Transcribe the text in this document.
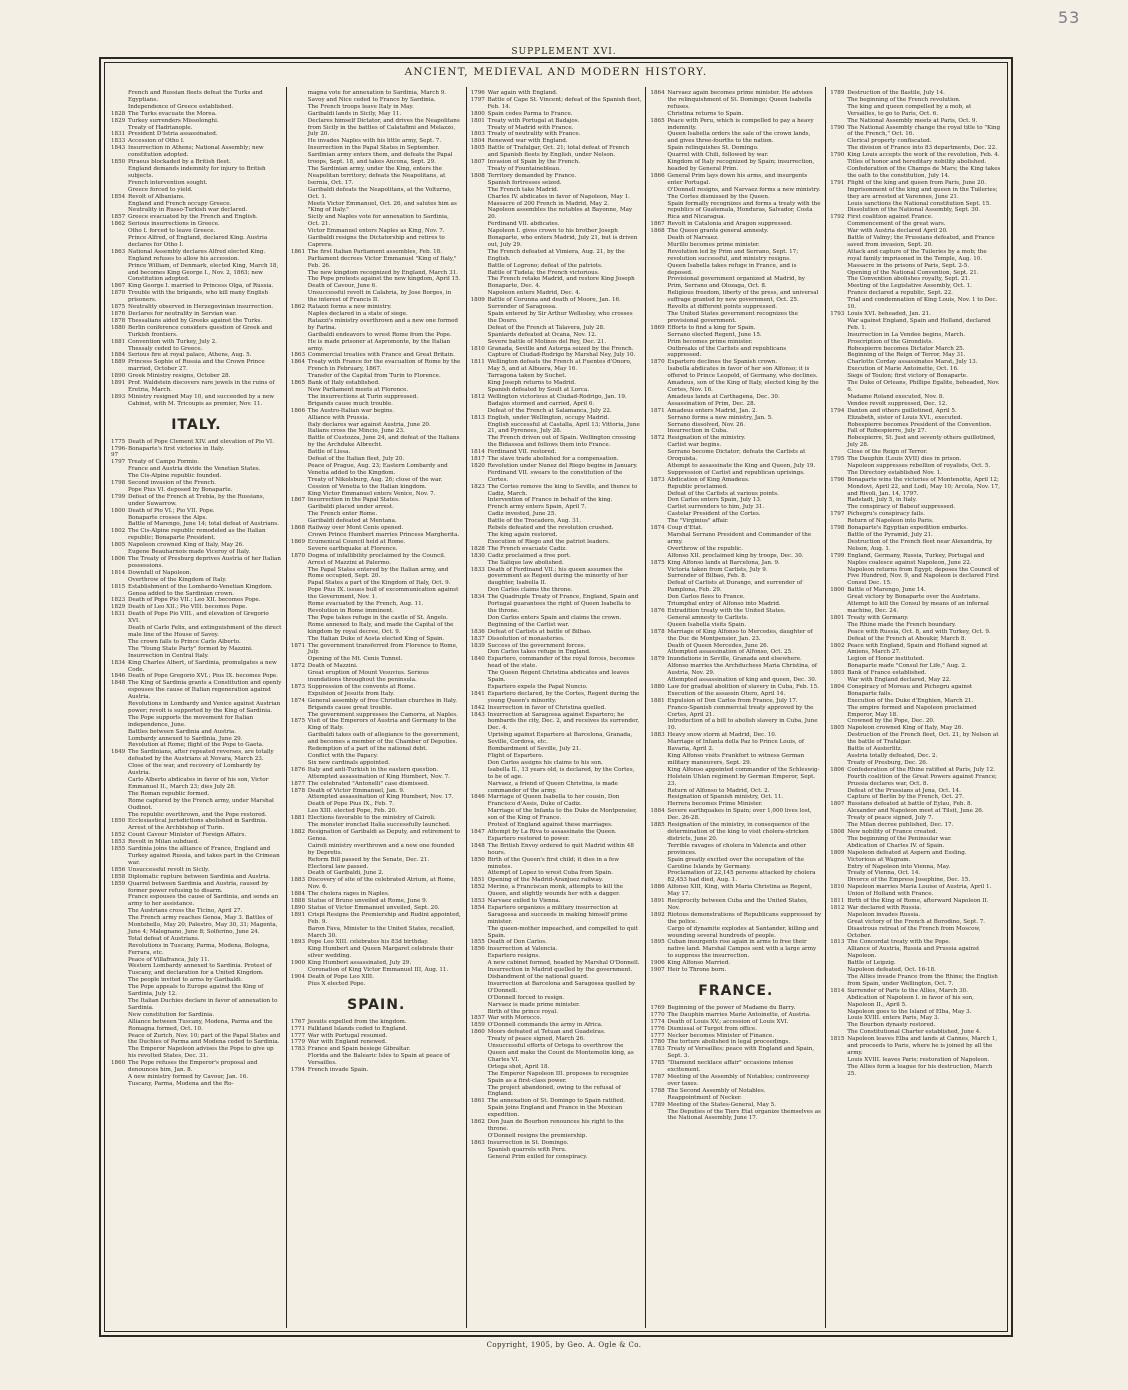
53
SUPPLEMENT XVI.
ANCIENT, MEDIEVAL AND MODERN HISTORY.
French and Russian fleets defeat the Turks and Egyptians.
Independence of Greece established.
1828 The Turks evacuate the Morea.
1829 Turkey surrenders Missolonghi.
Treaty of Hadrianople.
1831 President D'Istria assassinated.
1833 Accession of Otho I.
1843 Insurrection in Athens; National Assembly; new constitution adopted.
1850 Piraeus blockaded by a British fleet.
England demands indemnity for injury to British subjects.
French intervention sought.
Greece forced to yield.
1854 Revolt of Albanians.
England and French occupy Greece.
Neutrality in Russo-Turkish war declared.
1857 Greece evacuated by the French and English.
1862 Serious insurrections in Greece.
Otho I. forced to leave Greece.
Prince Alfred, of England, declared King. Austria declares for Otho I.
1863 National Assembly declares Alfred elected King.
England refuses to allow his accession.
Prince William, of Denmark, elected King, March 18, and becomes King George I., Nov. 2, 1863; new Constitution adopted.
1867 King George I. married to Princess Olga, of Russia.
1870 Trouble with the brigands, who kill many English prisoners.
1875 Neutrality observed in Herzegovinian insurrection.
1876 Declares for neutrality in Servian war.
1878 Thessalians aided by Greeks against the Turks.
1880 Berlin conference considers question of Greek and Turkish frontiers.
1881 Convention with Turkey, July 2.
Thessaly ceded to Greece.
1884 Serious fire at royal palace, Athens, Aug. 5.
1889 Princess Sophie of Russia and the Crown Prince married, October 27.
1890 Greek Ministry resigns, October 28.
1891 Prof. Waldstein discovers rare jewels in the ruins of Eretria, March.
1893 Ministry resigned May 10, and succeeded by a new Cabinet, with M. Tricoupis as premier, Nov. 11.
ITALY.
1775 Death of Pope Clement XIV. and elevation of Pio VI.
1796-97
Bonaparte's first victories in Italy.
1797 Treaty of Campo Formio.
France and Austria divide the Venetian States.
The Cis-Alpine republic founded.
1798 Second invasion of the French.
Pope Pius VI. deposed by Bonaparte.
1799 Defeat of the French at Trebia, by the Russians, under Suwarrow.
1800 Death of Pio VI.; Pio VII. Pope.
Bonaparte crosses the Alps.
Battle of Marengo, June 14; total defeat of Austrians.
1802 The Cis-Alpine republic remodeled as the Italian republic; Bonaparte President.
1805 Napoleon crowned King of Italy, May 26.
Eugene Beauharnois made Viceroy of Italy.
1806 The Treaty of Presburg deprives Austria of her Italian possessions.
1814 Downfall of Napoleon.
Overthrow of the Kingdom of Italy.
1815 Establishment of the Lombardo-Venetian Kingdom.
Genoa added to the Sardinian crown.
1823 Death of Pope Pio VII.; Leo XII. becomes Pope.
1829 Death of Leo XII.; Pio VIII. becomes Pope.
1831 Death of Pope Pio VIII., and elevation of Gregorio XVI.
Death of Carlo Felix, and extinguishment of the direct male line of the House of Savoy.
The crown falls to Prince Carlo Alberto.
The "Young State Party" formed by Mazzini.
Insurrection in Central Italy.
1834 King Charles Albert, of Sardinia, promulgates a new Code.
1846 Death of Pope Gregorio XVI.; Pius IX. becomes Pope.
1848 The King of Sardinia grants a Constitution and openly espouses the cause of Italian regeneration against Austria.
Revolutions in Lombardy and Venice against Austrian power; revolt is supported by the King of Sardinia.
The Pope supports the movement for Italian independence, June.
Battles between Sardinia and Austria.
Lombardy annexed to Sardinia, June 29.
Revolution at Rome; flight of the Pope to Gaeta.
1849 The Sardinians, after repeated reverses, are totally defeated by the Austrians at Novara, March 23.
Close of the war, and recovery of Lombardy by Austria.
Carlo Alberto abdicates in favor of his son, Victor Emmanuel II., March 23; dies July 28.
The Roman republic formed.
Rome captured by the French army, under Marshal Oudinot.
The republic overthrown, and the Pope restored.
1850 Ecclesiastical jurisdictions abolished in Sardinia.
Arrest of the Archbishop of Turin.
1852 Count Cavour Minister of Foreign Affairs.
1853 Revolt in Milan subdued.
1855 Sardinia joins the alliance of France, England and Turkey against Russia, and takes part in the Crimean war.
1856 Unsuccessful revolt in Sicily.
1858 Diplomatic rupture between Sardinia and Austria.
1859 Quarrel between Sardinia and Austria, caused by former power refusing to disarm.
France espouses the cause of Sardinia, and sends an army to her assistance.
The Austrians cross the Ticino, April 27.
The French army reaches Genoa, May 3. Battles of Montebello, May 20; Palestro, May 30, 31; Magenta, June 4; Malegnano, June 8; Solferino, June 24.
Total defeat of Austrians.
Revolutions in Tuscany, Parma, Modena, Bologna, Ferrara, etc.
Peace of Villafranca, July 11.
Western Lombardy annexed to Sardinia. Protest of Tuscany, and declaration for a United Kingdom.
The people invited to arms by Garibaldi.
The Pope appeals to Europe against the King of Sardinia, July 12.
The Italian Duchies declare in favor of annexation to Sardinia.
New constitution for Sardinia.
Alliance between Tuscany, Modena, Parma and the Romagna formed, Oct. 10.
Peace of Zurich, Nov. 10; part of the Papal States and the Duchies of Parma and Modena ceded to Sardinia.
The Emperor Napoleon advises the Pope to give up his revolted States, Dec. 31.
1860 The Pope refuses the Emperor's proposal and denounces him, Jan. 8.
A new ministry formed by Cavour, Jan. 16.
Tuscany, Parma, Modena and the Ro-
magna vote for annexation to Sardinia, March 9.
Savoy and Nice ceded to France by Sardinia.
The French troops leave Italy in May.
Garibaldi lands in Sicily, May 11.
Declares himself Dictator, and drives the Neapolitans from Sicily in the battles of Calatafimi and Melazzo, July 20.
He invades Naples with his little army, Sept. 7.
Insurrection in the Papal States in September. Sardinian army enters them, and defeats the Papal troops, Sept. 18, and takes Ancona, Sept. 29.
The Sardinian army, under the King, enters the Neapolitan territory; defeats the Neapolitans, at Isernia, Oct. 17.
Garibaldi defeats the Neapolitans, at the Volturno, Oct. 1.
Meets Victor Emmanuel, Oct. 26, and salutes him as "King of Italy."
Sicily and Naples vote for annexation to Sardinia, Oct. 21.
Victor Emmanuel enters Naples as King, Nov. 7.
Garibaldi resigns the Dictatorship and retires to Caprera.
1861 The first Italian Parliament assembles, Feb. 18.
Parliament decrees Victor Emmanuel "King of Italy," Feb. 26.
The new kingdom recognized by England, March 31.
The Pope protests against the new kingdom, April 15.
Death of Cavour, June 6.
Unsuccessful revolt in Calabria, by Jose Borges, in the interest of Francis II.
1862 Ratazzi forms a new ministry.
Naples declared in a state of siege.
Ratazzi's ministry overthrown and a new one formed by Farina.
Garibaldi endeavors to wrest Rome from the Pope.
He is made prisoner at Aspromonte, by the Italian army.
1863 Commercial treaties with France and Great Britain.
1864 Treaty with France for the evacuation of Rome by the French in February, 1867.
Transfer of the Capital from Turin to Florence.
1865 Bank of Italy established.
New Parliament meets at Florence.
The insurrections at Turin suppressed.
Brigands cause much trouble.
1866 The Austro-Italian war begins.
Alliance with Prussia.
Italy declares war against Austria, June 20.
Italians cross the Mincio, June 23.
Battle of Custozza, June 24, and defeat of the Italians by the Archduke Albrecht.
Battle of Lissa.
Defeat of the Italian fleet, July 20.
Peace of Prague, Aug. 23; Eastern Lombardy and Venetia added to the Kingdom.
Treaty of Nikolsburg, Aug. 26; close of the war.
Cession of Venetia to the Italian kingdom.
King Victor Emmanuel enters Venice, Nov. 7.
1867 Insurrection in the Papal States.
Garibaldi placed under arrest.
The French enter Rome.
Garibaldi defeated at Mentana.
1868 Railway over Mont Cenis opened.
Crown Prince Humbert marries Princess Margherita.
1869 Ecumenical Council held at Rome.
Severe earthquake at Florence.
1870 Dogma of infallibility proclaimed by the Council.
Arrest of Mazzini at Palermo.
The Papal States entered by the Italian army, and Rome occupied, Sept. 20.
Papal States a part of the Kingdom of Italy, Oct. 9.
Pope Pius IX. issues bull of excommunication against the Government, Nov. 1.
Rome evacuated by the French, Aug. 11.
Revolution in Rome imminent.
The Pope takes refuge in the castle of St. Angelo.
Rome annexed to Italy, and made the Capital of the kingdom by royal decree, Oct. 9.
The Italian Duke of Aosta elected King of Spain.
1871 The government transferred from Florence to Rome, July.
Opening of the Mt. Cenis Tunnel.
1872 Death of Mazzini.
Great eruption of Mount Vesuvius. Serious inundations throughout the peninsula.
1873 Suppression of the convents at Rome.
Expulsion of Jesuits from Italy.
1874 General assembly of free Christian churches in Italy.
Brigands cause great trouble.
The government suppresses the Camorra, at Naples.
1875 Visit of the Emperors of Austria and Germany to the King of Italy.
Garibaldi takes oath of allegiance to the government, and becomes a member of the Chamber of Deputies.
Redemption of a part of the national debt.
Conflict with the Papacy.
Six new cardinals appointed.
1876 Italy and anti-Turkish in the eastern question.
Attempted assassination of King Humbert, Nov. 7.
1877 The celebrated "Antonelli" case dismissed.
1878 Death of Victor Emmanuel, Jan. 9.
Attempted assassination of King Humbert, Nov. 17.
Death of Pope Pius IX., Feb. 7.
Leo XIII. elected Pope, Feb. 20.
1881 Elections favorable to the ministry of Cairoli.
The monster ironclad Italia successfully launched.
1882 Resignation of Garibaldi as Deputy, and retirement to Genoa.
Cairoli ministry overthrown and a new one founded by Depretis.
Reform Bill passed by the Senate, Dec. 21.
Electoral law passed.
Death of Garibaldi, June 2.
1883 Discovery of site of the celebrated Atrium, at Rome, Nov. 6.
1884 The cholera rages in Naples.
1888 Statue of Bruno unveiled at Rome, June 9.
1890 Statue of Victor Emmanuel unveiled, Sept. 20.
1891 Crispi Resigns the Premiership and Rudini appointed, Feb. 9.
Baron Fava, Minister to the United States, recalled, March 30.
1893 Pope Leo XIII. celebrates his 83d birthday.
King Humbert and Queen Margaret celebrate their silver wedding.
1900 King Humbert assassinated, July 29.
Coronation of King Victor Emmanuel III, Aug. 11.
1904 Death of Pope Leo XIII.
Pius X elected Pope.
SPAIN.
1767 Jesuits expelled from the kingdom.
1771 Falkland Islands ceded to England.
1777 War with Portugal resumed.
1779 War with England renewed.
1783 France and Spain besiege Gibraltar.
Florida and the Balearic Isles to Spain at peace of Versailles.
1794 French invade Spain.
1796 War again with England.
1797 Battle of Cape St. Vincent; defeat of the Spanish fleet, Feb. 14.
1800 Spain cedes Parma to France.
1801 Treaty with Portugal at Badajos.
Treaty of Madrid with France.
1803 Treaty of neutrality with France.
1804 Renewed war with England.
1805 Battle of Trafalgar, Oct. 21; total defeat of French and Spanish fleets by English, under Nelson.
1807 Invasion of Spain by the French.
Treaty of Fountainebleau.
1808 Territory demanded by France.
Spanish fortresses seized.
The French take Madrid.
Charles IV. abdicates in favor of Napoleon, May 1.
Massacre of 200 French in Madrid, May 2.
Napoleon assembles the notables at Bayonne, May 20.
Ferdinand VII. abdicates.
Napoleon I. gives crown to his brother Joseph Bonaparte, who enters Madrid, July 21, but is driven out, July 29.
The French defeated at Vimiera, Aug. 21, by the English.
Battle of Logrono; defeat of the patriots.
Battle of Tudela; the French victorious.
The French retake Madrid, and restore King Joseph Bonaparte, Dec. 4.
Napoleon enters Madrid, Dec. 4.
1809 Battle of Corunna and death of Moore, Jan. 16.
Surrender of Saragossa.
Spain entered by Sir Arthur Wellesley, who crosses the Douro.
Defeat of the French at Talavera, July 28.
Spaniards defeated at Ocana, Nov. 12.
Severe battle of Molinos del Rey, Dec. 21.
1810 Granada, Seville and Astorga seized by the French.
Capture of Ciudad-Rodrigo by Marshal Ney, July 10.
1811 Wellington defeats the French at Fuentes d'Onoro, May 5, and at Albuera, May 16.
Tarragona taken by Suchet.
King Joseph returns to Madrid.
Spanish defeated by Soult at Lorca.
1812 Wellington victorious at Ciudad-Rodrigo, Jan. 19.
Badajos stormed and carried, April 6.
Defeat of the French at Salamanca, July 22.
1813 English, under Wellington, occupy Madrid.
English successful at Castalla, April 13; Vittoria, June 21, and Pyrenees, July 28.
The French driven out of Spain. Wellington crossing the Bidassoa and follows them into France.
1814 Ferdinand VII. restored.
1817 The slave trade abolished for a compensation.
1820 Revolution under Nunez del Riego begins in January.
Ferdinand VII. swears to the constitution of the Cortes.
1823 The Cortes remove the king to Seville, and thence to Cadiz, March.
Intervention of France in behalf of the king.
French army enters Spain, April 7.
Cadiz invested, June 25.
Battle of the Trocadero, Aug. 31.
Rebels defeated and the revolution crushed.
The king again restored.
Execution of Riego and the patriot leaders.
1828 The French evacuate Cadiz.
1830 Cadiz proclaimed a free port.
The Salique law abolished.
1833 Death of Ferdinand VII.; his queen assumes the government as Regent during the minority of her daughter, Isabella II.
Don Carlos claims the throne.
1834 The Quadruple Treaty of France, England, Spain and Portugal guarantees the right of Queen Isabella to the throne.
Don Carlos enters Spain and claims the crown.
Beginning of the Carlist war.
1836 Defeat of Carlists at battle of Bilbao.
1837 Dissolution of monasteries.
1839 Success of the government forces.
Don Carlos takes refuge in England.
1840 Espartero, commander of the royal forces, becomes head of the state.
The Queen Regent Christina abdicates and leaves Spain.
Espartero expels the Papal Nuncio.
1841 Espartero declared, by the Cortes, Regent during the young Queen's minority.
1842 Insurrection in favor of Christina quelled.
1843 Insurrection at Saragossa against Espartero; he bombards the city, Dec. 2, and receives its surrender, Dec. 4.
Uprising against Espartero at Barcelona, Granada, Seville, Cordova, etc.
Bombardment of Seville, July 21.
Flight of Espartero.
Don Carlos assigns his claims to his son.
Isabella II., 13 years old, is declared, by the Cortes, to be of age.
Narvaez, a friend of Queen Christina, is made commander of the army.
1846 Marriage of Queen Isabella to her cousin, Don Francisco d'Assis, Duke of Cadiz.
Marriage of the Infanta to the Duke de Montpensier, son of the King of France.
Protest of England against these marriages.
1847 Attempt by La Riva to assassinate the Queen.
Espartero restored to power.
1848 The British Envoy ordered to quit Madrid within 48 hours.
1850 Birth of the Queen's first child; it dies in a few minutes.
Attempt of Lopez to wrest Cuba from Spain.
1851 Opening of the Madrid-Aranjuez railway.
1852 Merino, a Franciscan monk, attempts to kill the Queen, and slightly wounds her with a dagger.
1853 Narvaez exiled to Vienna.
1854 Espartero organizes a military insurrection at Saragossa and succeeds in making himself prime minister.
The queen-mother impeached, and compelled to quit Spain.
1855 Death of Don Carlos.
1856 Insurrection at Valencia.
Espartero resigns.
A new cabinet formed, headed by Marshal O'Donnell.
Insurrection in Madrid quelled by the government.
Disbandment of the national guard.
Insurrection at Barcelona and Saragossa quelled by O'Donnell.
O'Donnell forced to resign.
Narvaez is made prime minister.
Birth of the prince royal.
1857 War with Morocco.
1859 O'Donnell commands the army in Africa.
1860 Moors defeated at Tetuan and Guadelras.
Treaty of peace signed, March 26.
Unsuccessful efforts of Ortega to overthrow the Queen and make the Count de Montemolin king, as Charles VI.
Ortega shot, April 18.
The Emperor Napoleon III. proposes to recognize Spain as a first-class power.
The project abandoned, owing to the refusal of England.
1861 The annexation of St. Domingo to Spain ratified.
Spain joins England and France in the Mexican expedition.
1862 Don Juan de Bourbon renounces his right to the throne.
O'Donnell resigns the premiership.
1863 Insurrection in St. Domingo.
Spanish quarrels with Peru.
General Prim exiled for conspiracy.
1864 Narvaez again becomes prime minister. He advises the relinquishment of St. Domingo; Queen Isabella refuses.
Christina returns to Spain.
1865 Peace with Peru, which is compelled to pay a heavy indemnity.
Queen Isabella orders the sale of the crown lands, and gives three-fourths to the nation.
Spain relinquishes St. Domingo.
Quarrel with Chili, followed by war.
Kingdom of Italy recognized by Spain; insurrection, headed by General Prim.
1866 General Prim lays down his arms, and insurgents enter Portugal.
O'Donnell resigns, and Narvaez forms a new ministry.
The Cortes dismissed by the Queen.
Spain formally recognizes and forms a treaty with the republics of Guatemala, Honduras, Salvador, Costa Rica and Nicaragua.
1867 Revolt in Catalonia and Aragon suppressed.
1868 The Queen grants general amnesty.
Death of Narvaez.
Murillo becomes prime minister.
Revolution led by Prim and Serrano, Sept. 17; revolution successful, and ministry resigns.
Queen Isabella takes refuge in France, and is deposed.
Provisional government organized at Madrid, by Prim, Serrano and Olozaga, Oct. 8.
Religious freedom, liberty of the press, and universal suffrage granted by new government, Oct. 25.
Revolts at different points suppressed.
The United States government recognizes the provisional government.
1869 Efforts to find a king for Spain.
Serrano elected Regent, June 15.
Prim becomes prime minister.
Outbreaks of the Carlists and republicans suppressed.
1870 Espartero declines the Spanish crown.
Isabella abdicates in favor of her son Alfonso; it is offered to Prince Leopold, of Germany, who declines.
Amadeus, son of the King of Italy, elected king by the Cortes, Nov. 16.
Amadeus lands at Carthagena, Dec. 30.
Assassination of Prim, Dec. 28.
1871 Amadeus enters Madrid, Jan. 2.
Serrano forms a new ministry, Jan. 5.
Serrano dissolved, Nov. 26.
Insurrection in Cuba.
1872 Resignation of the ministry.
Carlist war begins.
Serrano become Dictator; defeats the Carlists at Oroquista.
Attempt to assassinate the King and Queen, July 19.
Suppression of Carlist and republican uprisings.
1873 Abdication of King Amadeus.
Republic proclaimed.
Defeat of the Carlists at various points.
Don Carlos enters Spain, July 13.
Carlist surrenders to him, July 31.
Castelar President of the Cortes.
The "Virginius" affair.
1874 Coup d'Etat.
Marshal Serrano President and Commander of the army.
Overthrow of the republic.
Alfonso XII. proclaimed king by troops, Dec. 30.
1875 King Alfonso lands at Barcelona, Jan. 9.
Victoria taken from Carlists, July 9.
Surrender of Bilbao, Feb. 8.
Defeat of Carlists at Durango, and surrender of Pamplona, Feb. 29.
Don Carlos flees to France.
Triumphal entry of Alfonso into Madrid.
1876 Extradition treaty with the United States.
General amnesty to Carlists.
Queen Isabella visits Spain.
1878 Marriage of King Alfonso to Mercedes, daughter of the Duc de Montpensier, Jan. 23.
Death of Queen Mercedes, June 26.
Attempted assassination of Alfonso, Oct. 25.
1879 Inundations in Seville, Granada and elsewhere.
Alfonso marries the Archduchess Maria Christina, of Austria, Nov. 29.
Attempted assassination of king and queen, Dec. 30.
1880 Law for gradual abolition of slavery in Cuba, Feb. 15.
Execution of the assassin Otero, April 14.
1881 Expulsion of Don Carlos from France, July 17.
Franco-Spanish commercial treaty approved by the Cortes, April 21.
Introduction of a bill to abolish slavery in Cuba, June 10.
1883 Heavy snow storm at Madrid, Dec. 10.
Marriage of Infanta della Paz to Prince Louis, of Bavaria, April 2.
King Alfonso visits Frankfort to witness German military maneuvers, Sept. 29.
King Alfonso appointed commander of the Schleswig-Holstein Uhlan regiment by German Emperor, Sept. 23.
Return of Alfonso to Madrid, Oct. 2.
Resignation of Spanish ministry, Oct. 11.
Herrera becomes Prime Minister.
1884 Severe earthquakes in Spain; over 1,000 lives lost, Dec. 26-28.
1885 Resignation of the ministry, in consequence of the determination of the king to visit cholera-stricken districts, June 20.
Terrible ravages of cholera in Valencia and other provinces.
Spain greatly excited over the occupation of the Caroline Islands by Germany.
Proclamation of 22,145 persons attacked by cholera 82,453 had died, Aug. 1.
1886 Alfonso XIII, King, with Maria Christina as Regent, May 17.
1891 Reciprocity between Cuba and the United States, Nov.
1892 Riotous demonstrations of Republicans suppressed by the police.
Cargo of dynamite explodes at Santander, killing and wounding several hundreds of people.
1895 Cuban insurgents rise again in arms to free their native land. Marshal Campos sent with a large army to suppress the insurrection.
1906 King Alfonso Married.
1907 Heir to Throne born.
FRANCE.
1769 Beginning of the power of Madame du Barry.
1770 The Dauphin marries Marie Antoinette, of Austria.
1774 Death of Louis XV.; accession of Louis XVI.
1776 Dismissal of Turgot from office.
1777 Necker becomes Minister of Finance.
1780 The torture abolished in legal proceedings.
1783 Treaty of Versailles; peace with England and Spain, Sept. 3.
1785 "Diamond necklace affair" occasions intense excitement.
1787 Meeting of the Assembly of Notables; controversy over taxes.
1788 The Second Assembly of Notables.
Reappointment of Necker.
1789 Meeting of the States-General, May 5.
The Deputies of the Tiers Etat organize themselves as the National Assembly, June 17.
1789 Destruction of the Bastile, July 14.
The beginning of the French revolution.
The king and queen compelled by a mob, at Versailles, to go to Paris, Oct. 6.
The National Assembly meets at Paris, Oct. 9.
1790 The National Assembly change the royal title to "King of the French," Oct. 16.
Clerical property confiscated.
The division of France into 83 departments, Dec. 22.
1790 King Louis accepts the work of the revolution, Feb. 4.
Titles of honor and hereditary nobility abolished.
Confederation of the Champs de Mars; the King takes the oath to the constitution, July 14.
1791 Flight of the king and queen from Paris, June 20.
Imprisonment of the king and queen in the Tuileries; they are arrested at Varennes, June 21.
Louis sanctions the National constitution Sept. 15.
Dissolution of the National Assembly, Sept. 30.
1792 First coalition against France.
Commencement of the great wars.
War with Austria declared April 20.
Battle of Valmy; the Prussians defeated, and France saved from invasion, Sept. 20.
Attack and capture of the Tuileries by a mob; the royal family imprisoned in the Temple, Aug. 10.
Massacre in the prisons of Paris, Sept. 2-5.
Opening of the National Convention, Sept. 21.
The Convention abolishes royalty, Sept. 21.
Meeting of the Legislative Assembly, Oct. 1.
France declared a republic, Sept. 22.
Trial and condemnation of King Louis, Nov. 1 to Dec. 10.
1793 Louis XVI. beheaded, Jan. 21.
War against England, Spain and Holland, declared Feb. 1.
Insurrection in La Vendee begins, March.
Proscription of the Girondists.
Robespierre becomes Dictator March 25.
Beginning of the Reign of Terror, May 31.
Charlotte Corday assassinates Marat, July 13.
Execution of Marie Antoinette, Oct. 16.
Siege of Toulon; first victory of Bonaparte.
The Duke of Orleans, Phillipe Egalite, beheaded, Nov. 6.
Madame Roland executed, Nov. 8.
Vendee revolt suppressed, Dec. 12.
1794 Danton and others guillotined, April 5.
Elizabeth, sister of Louis XVI., executed.
Robespierre becomes President of the Convention.
Fall of Robespierre, July 27.
Robespierre, St. Just and seventy others guillotined, July 28.
Close of the Reign of Terror.
1795 The Dauphin (Louis XVII) dies in prison.
Napoleon suppresses rebellion of royalists, Oct. 5.
The Directory established Nov. 1.
1796 Bonaparte wins the victories of Montenotte, April 12; Mondovi, April 22, and Lodi, May 10; Arcola, Nov. 17, and Rivoli, Jan. 14, 1797.
Radstadt, July 5, in Italy.
The conspiracy of Babeuf suppressed.
1797 Pichegru's conspiracy fails.
Return of Napoleon into Paris.
1798 Bonaparte's Egyptian expedition embarks.
Battle of the Pyramid, July 21.
Destruction of the French fleet near Alexandria, by Nelson, Aug. 1.
1799 England, Germany, Russia, Turkey, Portugal and Naples coalesce against Napoleon, June 22.
Napoleon returns from Egypt; deposes the Council of Five Hundred, Nov. 9, and Napoleon is declared First Consul Dec. 15.
1800 Battle of Marengo, June 14.
Great victory by Bonaparte over the Austrians.
Attempt to kill the Consul by means of an infernal machine, Dec. 24.
1801 Treaty with Germany.
The Rhine made the French boundary.
Peace with Russia, Oct. 8, and with Turkey, Oct. 9.
Defeat of the French at Aboukir, March 8.
1802 Peace with England, Spain and Holland signed at Amiens, March 27.
Legion of Honor instituted.
Bonaparte made "Consul for Life," Aug. 2.
1803 Bank of France established.
War with England declared, May 22.
1804 Conspiracy of Moreau and Pichegru against Bonaparte fails.
Execution of the Duke d'Enghien, March 21.
The empire formed and Napoleon proclaimed Emperor, May 18.
Crowned by the Pope, Dec. 20.
1805 Napoleon crowned King of Italy, May 26.
Destruction of the French fleet, Oct. 21, by Nelson at the battle of Trafalgar.
Battle of Austerlitz.
Austria totally defeated, Dec. 2.
Treaty of Presburg, Dec. 26.
1806 Confederation of the Rhine ratified at Paris, July 12.
Fourth coalition of the Great Powers against France; Prussia declares war, Oct. 8.
Defeat of the Prussians at Jena, Oct. 14.
Capture of Berlin by the French, Oct. 27.
1807 Russians defeated at battle of Eylau, Feb. 8.
Alexander and Napoleon meet at Tilsit, June 26.
Treaty of peace signed, July 7.
The Milan decree published, Dec. 17.
1808 New nobility of France created.
The beginning of the Peninsular war.
Abdication of Charles IV. of Spain.
1809 Napoleon defeated at Aspern and Essling.
Victorious at Wagram.
Entry of Napoleon into Vienna, May.
Treaty of Vienna, Oct. 14.
Divorce of the Empress Josephine, Dec. 15.
1810 Napoleon marries Maria Louise of Austria, April 1.
Union of Holland with France.
1811 Birth of the King of Rome, afterward Napoleon II.
1812 War declared with Russia.
Napoleon invades Russia.
Great victory of the French at Borodino, Sept. 7.
Disastrous retreat of the French from Moscow, October.
1813 The Concordat treaty with the Pope.
Alliance of Austria, Russia and Prussia against Napoleon.
Battle of Leipzig.
Napoleon defeated, Oct. 16-18.
The Allies invade France from the Rhine; the English from Spain, under Wellington, Oct. 7.
1814 Surrender of Paris to the Allies, March 30.
Abdication of Napoleon I. in favor of his son, Napoleon II., April 5.
Napoleon goes to the Island of Elba, May 3.
Louis XVIII. enters Paris, May 3.
The Bourbon dynasty restored.
The Constitutional Charter established, June 4.
1815 Napoleon leaves Elba and lands at Cannes, March 1, and proceeds to Paris, where he is joined by all the army.
Louis XVIII. leaves Paris; restoration of Napoleon.
The Allies form a league for his destruction, March 25.
Copyright, 1905, by Geo. A. Ogle & Co.
